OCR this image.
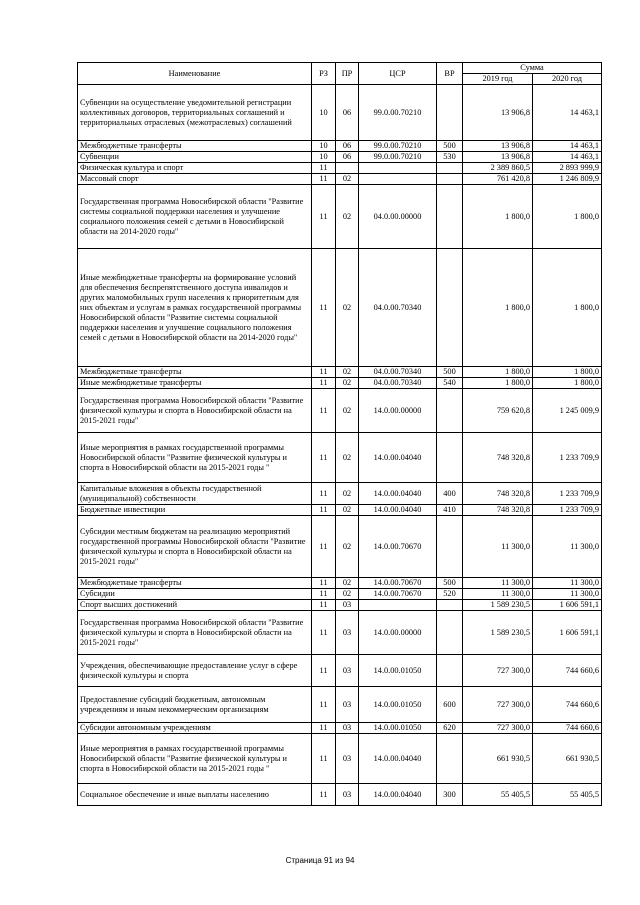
Наименование	РЗ	ПР	ЦСР	ВР	Сумма	
					2019 год	2020 год
Субвенции на осуществление уведомительной регистрации коллективных договоров, территориальных соглашений и территориальных отраслевых (межотраслевых) соглашений	10	06	99.0.00.70210		13 906,8	14 463,1
Межбюджетные трансферты	10	06	99.0.00.70210	500	13 906,8	14 463,1
Субвенции	10	06	99.0.00.70210	530	13 906,8	14 463,1
Физическая культура и спорт	11				2 389 860,5	2 893 999,9
Массовый спорт	11	02			761 420,8	1 246 809,9
Государственная программа Новосибирской области "Развитие системы социальной поддержки населения и улучшение социального положения семей с детьми в Новосибирской области на 2014-2020 годы"	11	02	04.0.00.00000		1 800,0	1 800,0
Иные межбюджетные трансферты на формирование условий для обеспечения беспрепятственного доступа инвалидов и других маломобильных групп населения к приоритетным для них объектам и услугам в рамках государственной программы Новосибирской области "Развитие системы социальной поддержки населения и улучшение социального положения семей с детьми в Новосибирской области на 2014-2020 годы"	11	02	04.0.00.70340		1 800,0	1 800,0
Межбюджетные трансферты	11	02	04.0.00.70340	500	1 800,0	1 800,0
Иные межбюджетные трансферты	11	02	04.0.00.70340	540	1 800,0	1 800,0
Государственная программа Новосибирской области "Развитие физической культуры и спорта в Новосибирской области на 2015-2021 годы"	11	02	14.0.00.00000		759 620,8	1 245 009,9
Иные мероприятия в рамках государственной программы Новосибирской области "Развитие физической культуры и спорта в Новосибирской области на 2015-2021 годы "	11	02	14.0.00.04040		748 320,8	1 233 709,9
Капитальные вложения в объекты государственной (муниципальной) собственности	11	02	14.0.00.04040	400	748 320,8	1 233 709,9
Бюджетные инвестиции	11	02	14.0.00.04040	410	748 320,8	1 233 709,9
Субсидии местным бюджетам на реализацию мероприятий государственной программы Новосибирской области "Развитие физической культуры и спорта в Новосибирской области на 2015-2021 годы"	11	02	14.0.00.70670		11 300,0	11 300,0
Межбюджетные трансферты	11	02	14.0.00.70670	500	11 300,0	11 300,0
Субсидии	11	02	14.0.00.70670	520	11 300,0	11 300,0
Спорт высших достижений	11	03			1 589 230,5	1 606 591,1
Государственная программа Новосибирской области "Развитие физической культуры и спорта в Новосибирской области на 2015-2021 годы"	11	03	14.0.00.00000		1 589 230,5	1 606 591,1
Учреждения, обеспечивающие предоставление услуг в сфере физической культуры и спорта	11	03	14.0.00.01050		727 300,0	744 660,6
Предоставление субсидий бюджетным, автономным учреждениям и иным некоммерческим организациям	11	03	14.0.00.01050	600	727 300,0	744 660,6
Субсидии автономным учреждениям	11	03	14.0.00.01050	620	727 300,0	744 660,6
Иные мероприятия в рамках государственной программы Новосибирской области "Развитие физической культуры и спорта в Новосибирской области на 2015-2021 годы "	11	03	14.0.00.04040		661 930,5	661 930,5
Социальное обеспечение и иные выплаты населению	11	03	14.0.00.04040	300	55 405,5	55 405,5
Страница 91 из 94
